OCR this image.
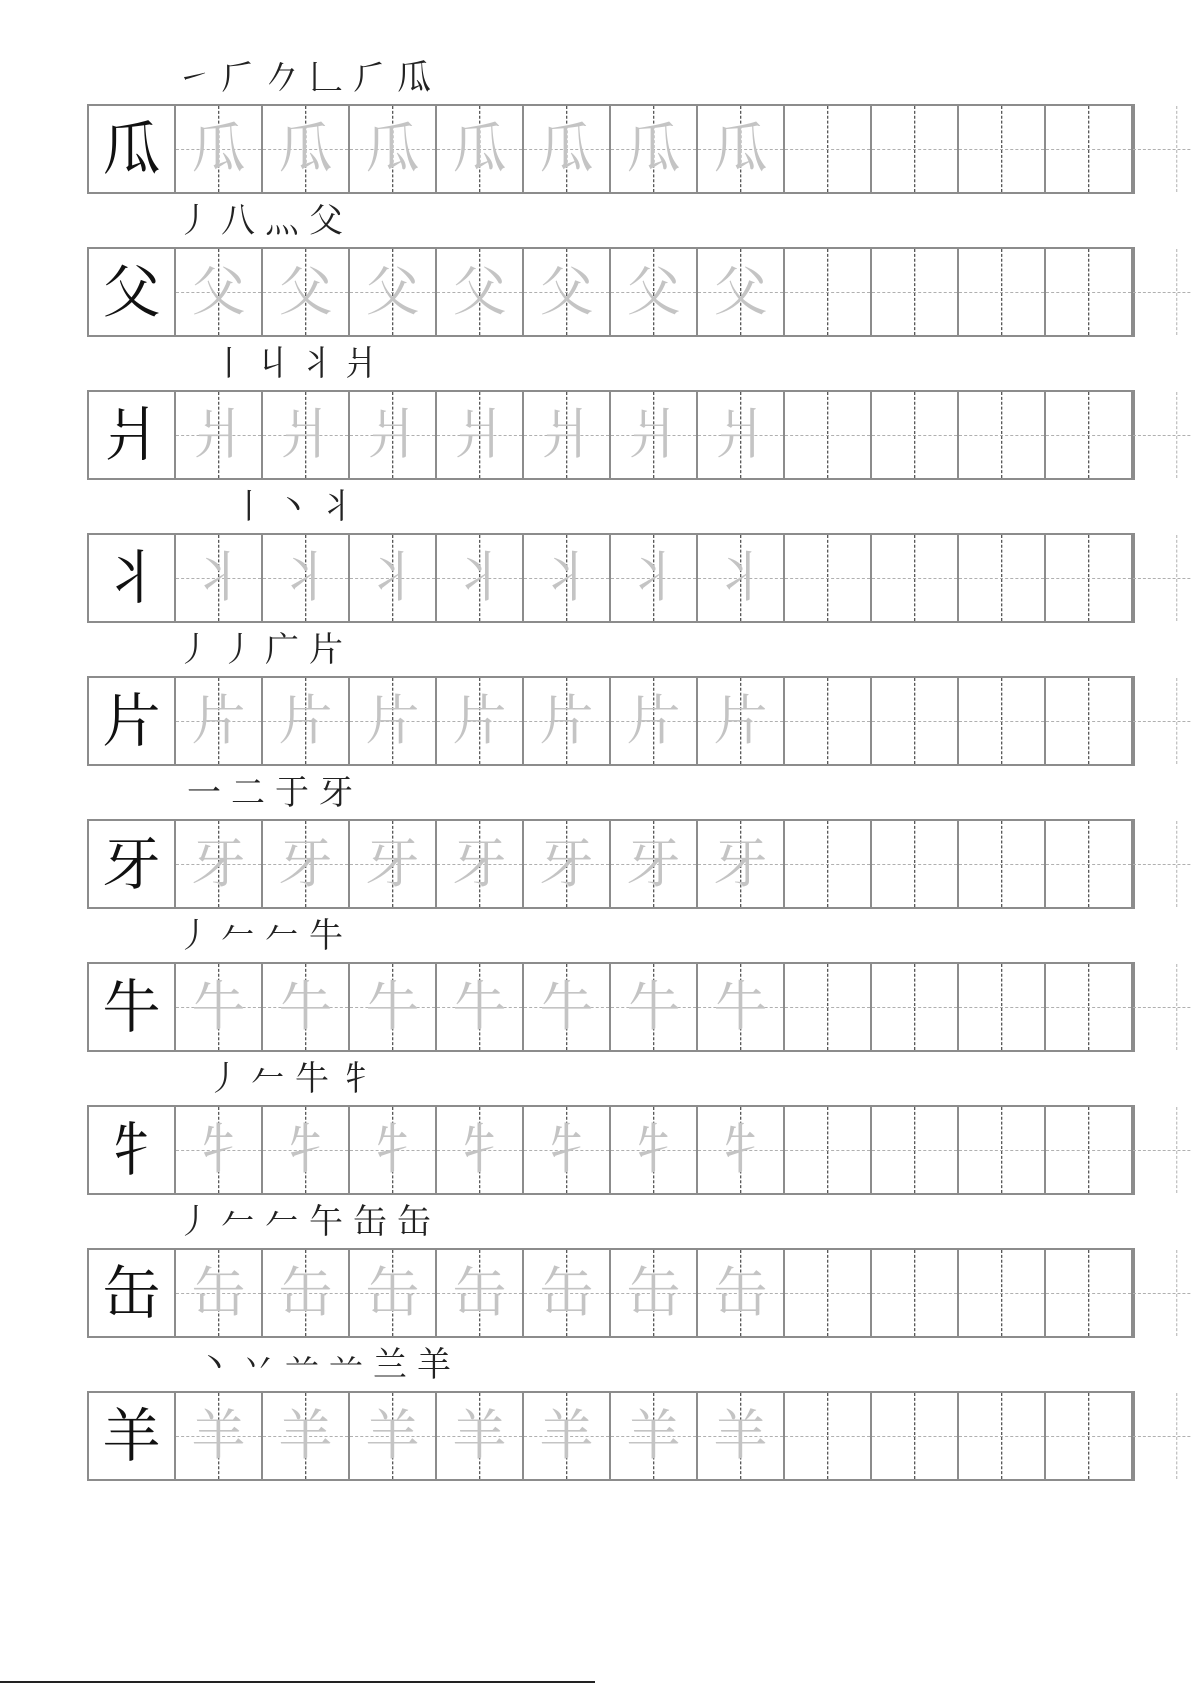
㇀ 𠂆 𠂊 𠃊 ⺁ 瓜
瓜 瓜 瓜 瓜 瓜 瓜 瓜 瓜
丿 八 ⺣ 父
父 父 父 父 父 父 父 父
丨 丩 丬 爿
爿 爿 爿 爿 爿 爿 爿 爿
丨 丶 丬
丬 丬 丬 丬 丬 丬 丬 丬
丿 丿 广 片
片 片 片 片 片 片 片 片
一 二 于 牙
牙 牙 牙 牙 牙 牙 牙 牙
丿 𠂉 𠂉 牛
牛 牛 牛 牛 牛 牛 牛 牛
丿 𠂉 牛 牜
牜 牜 牜 牜 牜 牜 牜 牜
丿 𠂉 𠂉 午 缶 缶
缶 缶 缶 缶 缶 缶 缶 缶
丶 丷 䒑 䒑 兰 羊
羊 羊 羊 羊 羊 羊 羊 羊
